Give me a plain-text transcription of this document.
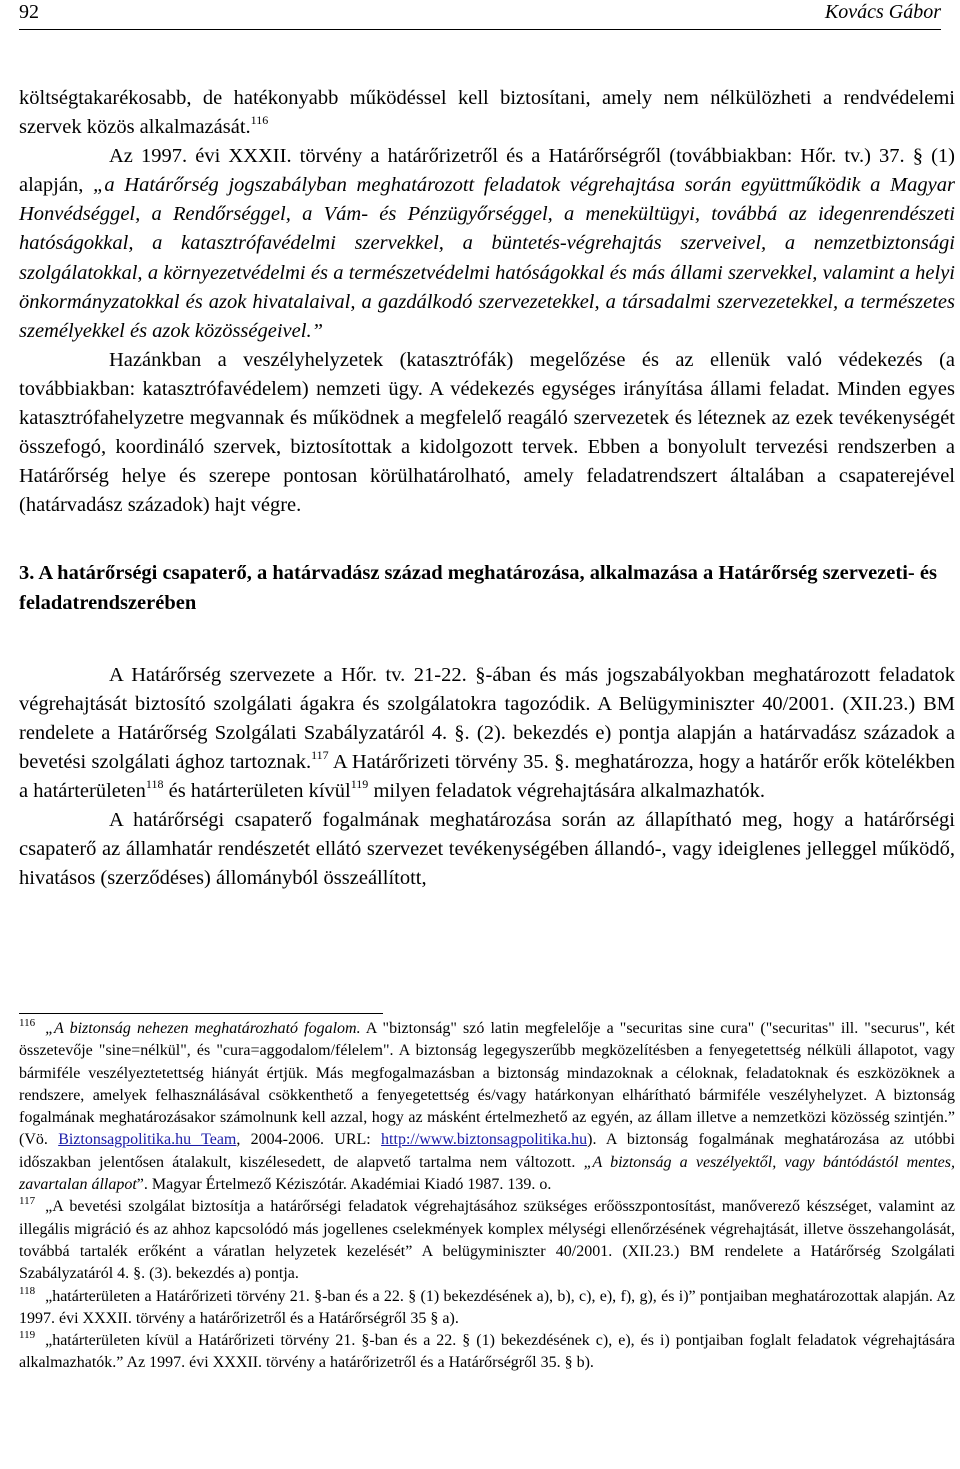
92	Kovács Gábor

költségtakarékosabb, de hatékonyabb működéssel kell biztosítani, amely nem nélkülözheti a rendvédelemi szervek közös alkalmazását.$^{116}$

Az 1997. évi XXXII. törvény a határőrizetről és a Határőrségről (továbbiakban: Hőr. tv.) 37. § (1) alapján, „a Határőrség jogszabályban meghatározott feladatok végrehajtása során együttműködik a Magyar Honvédséggel, a Rendőrséggel, a Vám- és Pénzügyőrséggel, a menekültügyi, továbbá az idegenrendészeti hatóságokkal, a katasztrófavédelmi szervekkel, a büntetés-végrehajtás szerveivel, a nemzetbiztonsági szolgálatokkal, a környezetvédelmi és a természetvédelmi hatóságokkal és más állami szervekkel, valamint a helyi önkormányzatokkal és azok hivatalaival, a gazdálkodó szervezetekkel, a társadalmi szervezetekkel, a természetes személyekkel és azok közösségeivel.”

Hazánkban a veszélyhelyzetek (katasztrófák) megelőzése és az ellenük való védekezés (a továbbiakban: katasztrófavédelem) nemzeti ügy. A védekezés egységes irányítása állami feladat. Minden egyes katasztrófahelyzetre megvannak és működnek a megfelelő reagáló szervezetek és léteznek az ezek tevékenységét összefogó, koordináló szervek, biztosítottak a kidolgozott tervek. Ebben a bonyolult tervezési rendszerben a Határőrség helye és szerepe pontosan körülhatárolható, amely feladatrendszert általában a csapaterejével (határvadász századok) hajt végre.

3. A határőrségi csapaterő, a határvadász század meghatározása, alkalmazása a Határőrség szervezeti- és feladatrendszerében

A Határőrség szervezete a Hőr. tv. 21-22. §-ában és más jogszabályokban meghatározott feladatok végrehajtását biztosító szolgálati ágakra és szolgálatokra tagozódik. A Belügyminiszter 40/2001. (XII.23.) BM rendelete a Határőrség Szolgálati Szabályzatáról 4. §. (2). bekezdés e) pontja alapján a határvadász századok a bevetési szolgálati ághoz tartoznak.$^{117}$ A Határőrizeti törvény 35. §. meghatározza, hogy a határőr erők kötelékben a határterületen$^{118}$ és határterületen kívül$^{119}$ milyen feladatok végrehajtására alkalmazhatók.

A határőrségi csapaterő fogalmának meghatározása során az állapítható meg, hogy a határőrségi csapaterő az államhatár rendészetét ellátó szervezet tevékenységében állandó-, vagy ideiglenes jelleggel működő, hivatásos (szerződéses) állományból összeállított,

$^{116}$ „A biztonság nehezen meghatározható fogalom. A "biztonság" szó latin megfelelője a "securitas sine cura" ("securitas" ill. "securus", két összetevője "sine=nélkül", és "cura=aggodalom/félelem". A biztonság legegyszerűbb megközelítésben a fenyegetettség nélküli állapotot, vagy bármiféle veszélyeztetettség hiányát értjük. Más megfogalmazásban a biztonság mindazoknak a céloknak, feladatoknak és eszközöknek a rendszere, amelyek felhasználásával csökkenthető a fenyegetettség és/vagy határkonyan elhárítható bármiféle veszélyhelyzet. A biztonság fogalmának meghatározásakor számolnunk kell azzal, hogy az másként értelmezhető az egyén, az állam illetve a nemzetközi közösség szintjén.” (Vö. Biztonsagpolitika.hu Team, 2004-2006. URL: http://www.biztonsagpolitika.hu). A biztonság fogalmának meghatározása az utóbbi időszakban jelentősen átalakult, kiszélesedett, de alapvető tartalma nem változott. „A biztonság a veszélyektől, vagy bántódástól mentes, zavartalan állapot”. Magyar Értelmező Kéziszótár. Akadémiai Kiadó 1987. 139. o.

$^{117}$ „A bevetési szolgálat biztosítja a határőrségi feladatok végrehajtásához szükséges erőösszpontosítást, manőverező készséget, valamint az illegális migráció és az ahhoz kapcsolódó más jogellenes cselekmények komplex mélységi ellenőrzésének végrehajtását, illetve összehangolását, továbbá tartalék erőként a váratlan helyzetek kezelését” A belügyminiszter 40/2001. (XII.23.) BM rendelete a Határőrség Szolgálati Szabályzatáról 4. §. (3). bekezdés a) pontja.

$^{118}$ „határterületen a Határőrizeti törvény 21. §-ban és a 22. § (1) bekezdésének a), b), c), e), f), g), és i)” pontjaiban meghatározottak alapján. Az 1997. évi XXXII. törvény a határőrizetről és a Határőrségről 35 § a).

$^{119}$ „határterületen kívül a Határőrizeti törvény 21. §-ban és a 22. § (1) bekezdésének c), e), és i) pontjaiban foglalt feladatok végrehajtására alkalmazhatók.” Az 1997. évi XXXII. törvény a határőrizetről és a Határőrségről 35. § b).
